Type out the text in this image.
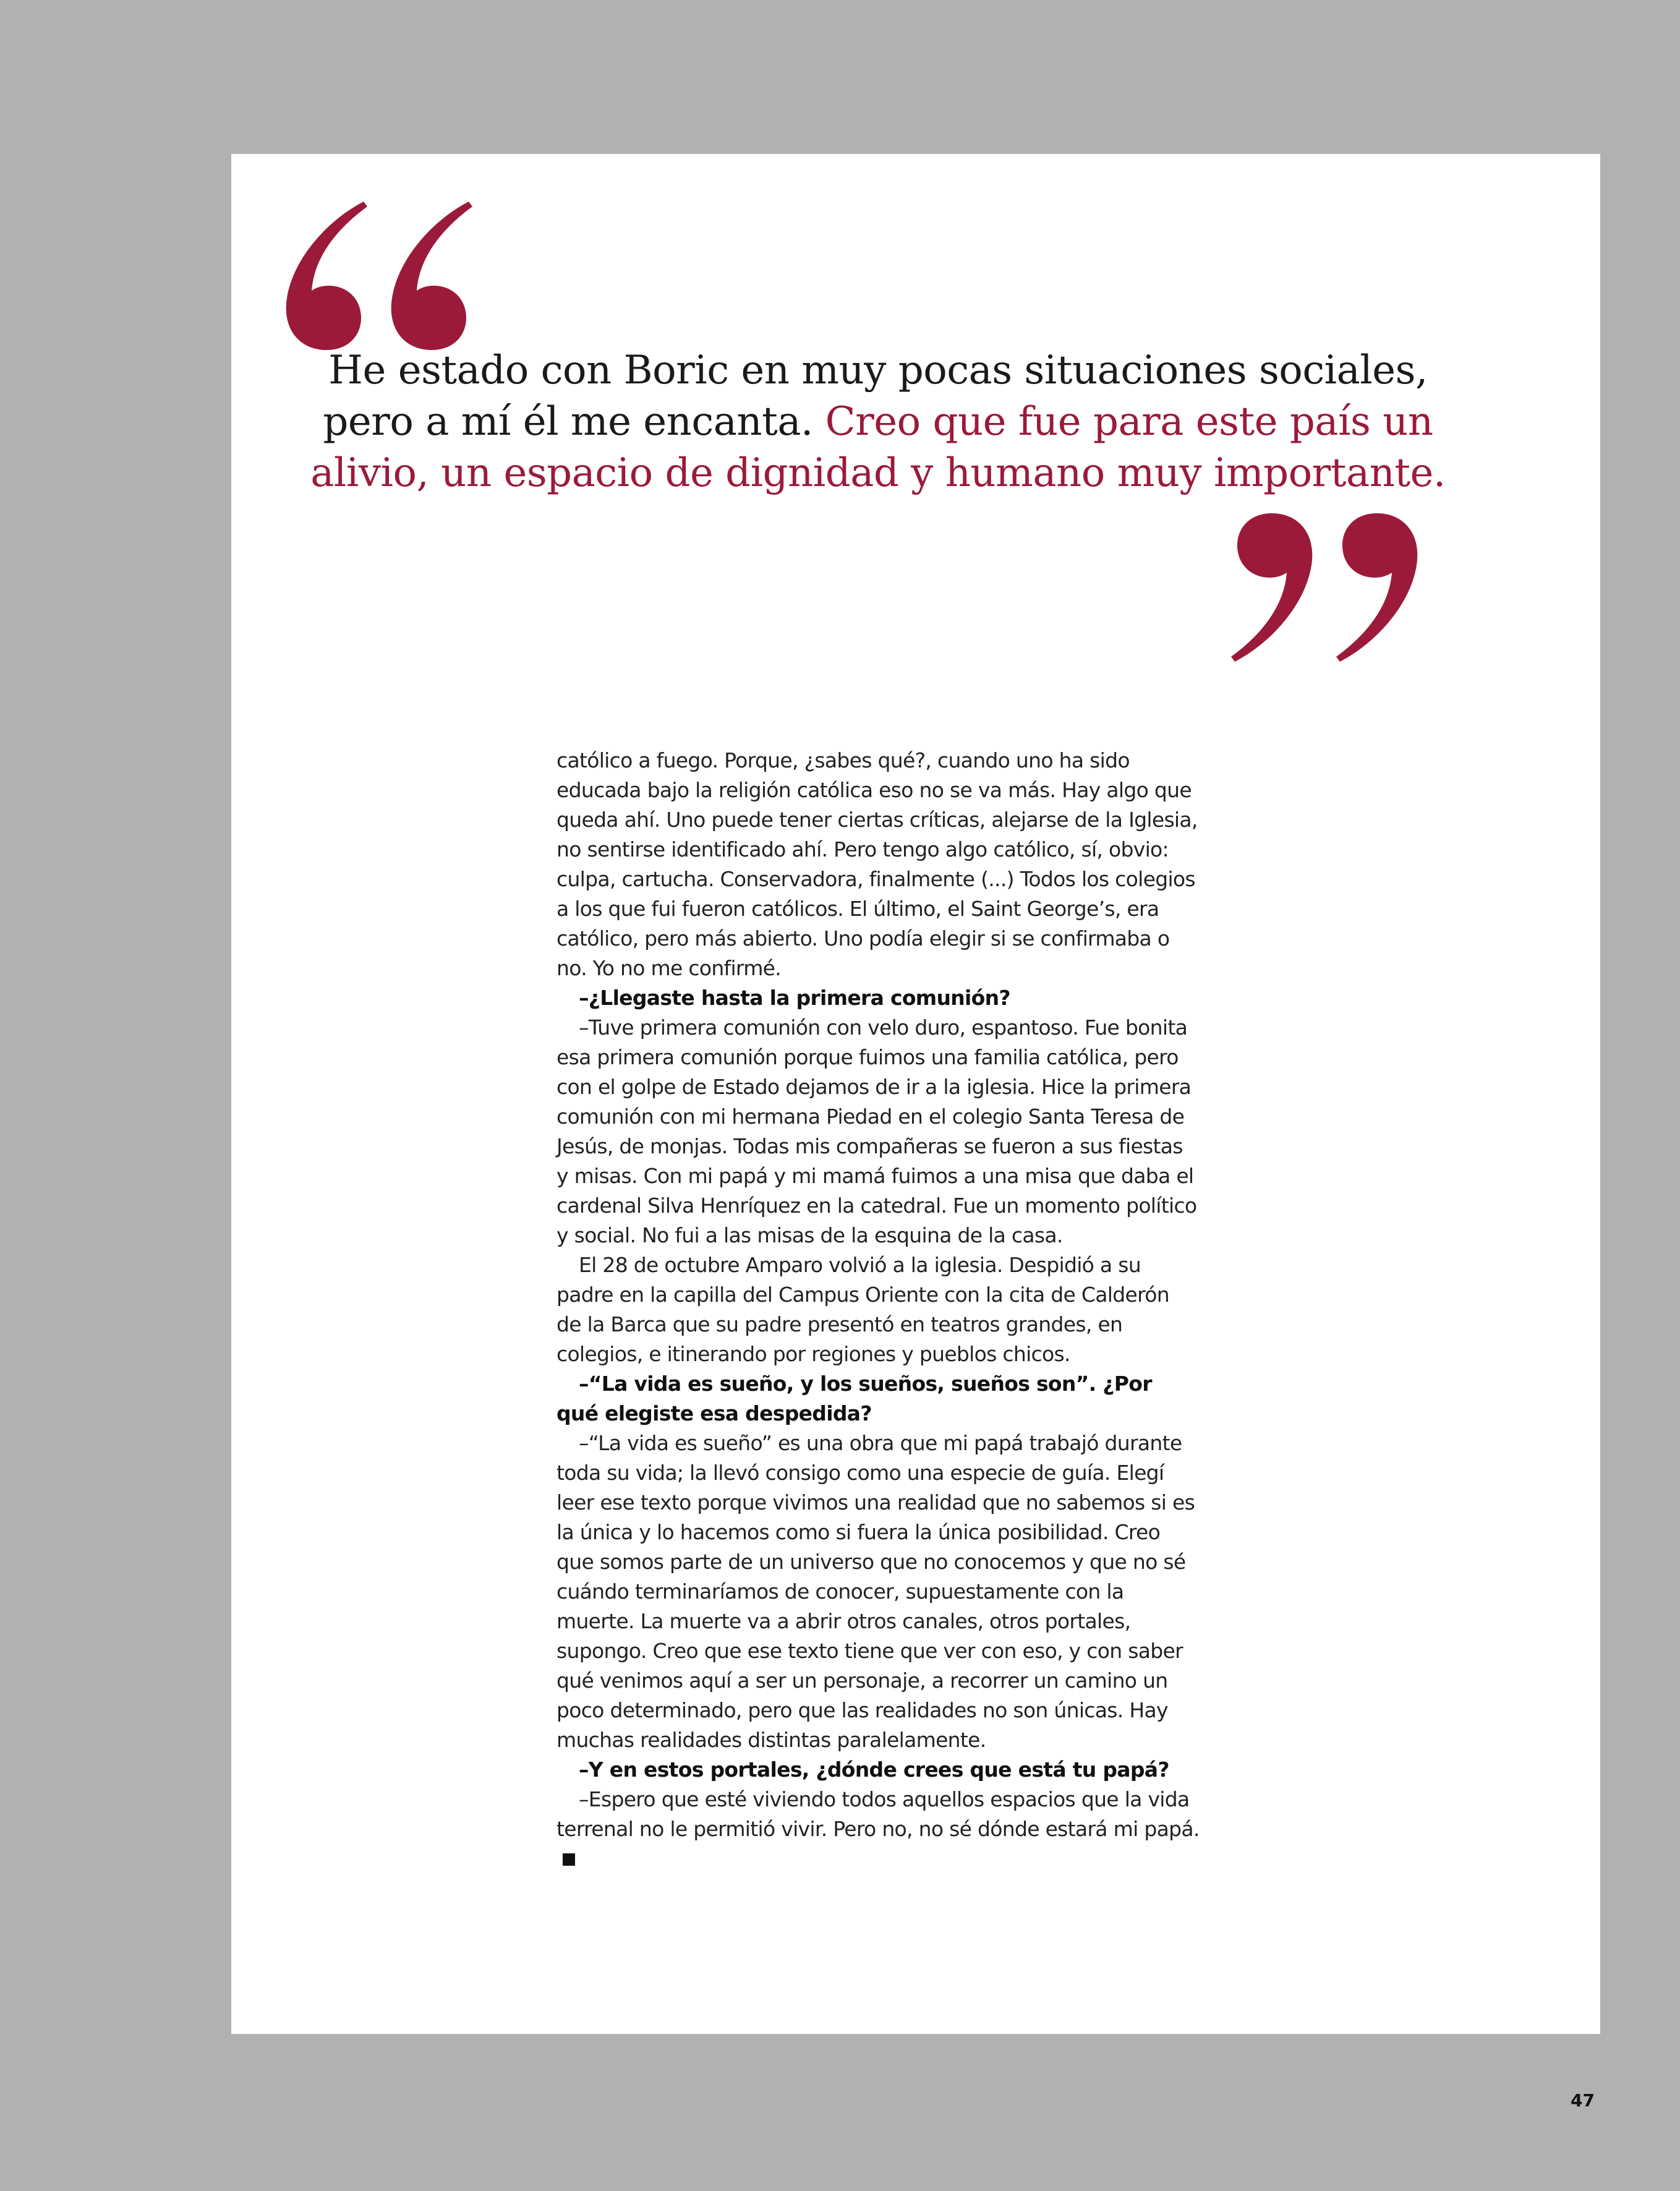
He estado con Boric en muy pocas situaciones sociales, pero a mí él me encanta. Creo que fue para este país un alivio, un espacio de dignidad y humano muy importante.

católico a fuego. Porque, ¿sabes qué?, cuando uno ha sido educada bajo la religión católica eso no se va más. Hay algo que queda ahí. Uno puede tener ciertas críticas, alejarse de la Iglesia, no sentirse identificado ahí. Pero tengo algo católico, sí, obvio: culpa, cartucha. Conservadora, finalmente (...) Todos los colegios a los que fui fueron católicos. El último, el Saint George’s, era católico, pero más abierto. Uno podía elegir si se confirmaba o no. Yo no me confirmé.

–¿Llegaste hasta la primera comunión?

–Tuve primera comunión con velo duro, espantoso. Fue bonita esa primera comunión porque fuimos una familia católica, pero con el golpe de Estado dejamos de ir a la iglesia. Hice la primera comunión con mi hermana Piedad en el colegio Santa Teresa de Jesús, de monjas. Todas mis compañeras se fueron a sus fiestas y misas. Con mi papá y mi mamá fuimos a una misa que daba el cardenal Silva Henríquez en la catedral. Fue un momento político y social. No fui a las misas de la esquina de la casa.

El 28 de octubre Amparo volvió a la iglesia. Despidió a su padre en la capilla del Campus Oriente con la cita de Calderón de la Barca que su padre presentó en teatros grandes, en colegios, e itinerando por regiones y pueblos chicos.

–“La vida es sueño, y los sueños, sueños son”. ¿Por qué elegiste esa despedida?

–“La vida es sueño” es una obra que mi papá trabajó durante toda su vida; la llevó consigo como una especie de guía. Elegí leer ese texto porque vivimos una realidad que no sabemos si es la única y lo hacemos como si fuera la única posibilidad. Creo que somos parte de un universo que no conocemos y que no sé cuándo terminaríamos de conocer, supuestamente con la muerte. La muerte va a abrir otros canales, otros portales, supongo. Creo que ese texto tiene que ver con eso, y con saber qué venimos aquí a ser un personaje, a recorrer un camino un poco determinado, pero que las realidades no son únicas. Hay muchas realidades distintas paralelamente.

–Y en estos portales, ¿dónde crees que está tu papá?

–Espero que esté viviendo todos aquellos espacios que la vida terrenal no le permitió vivir. Pero no, no sé dónde estará mi papá.

47
